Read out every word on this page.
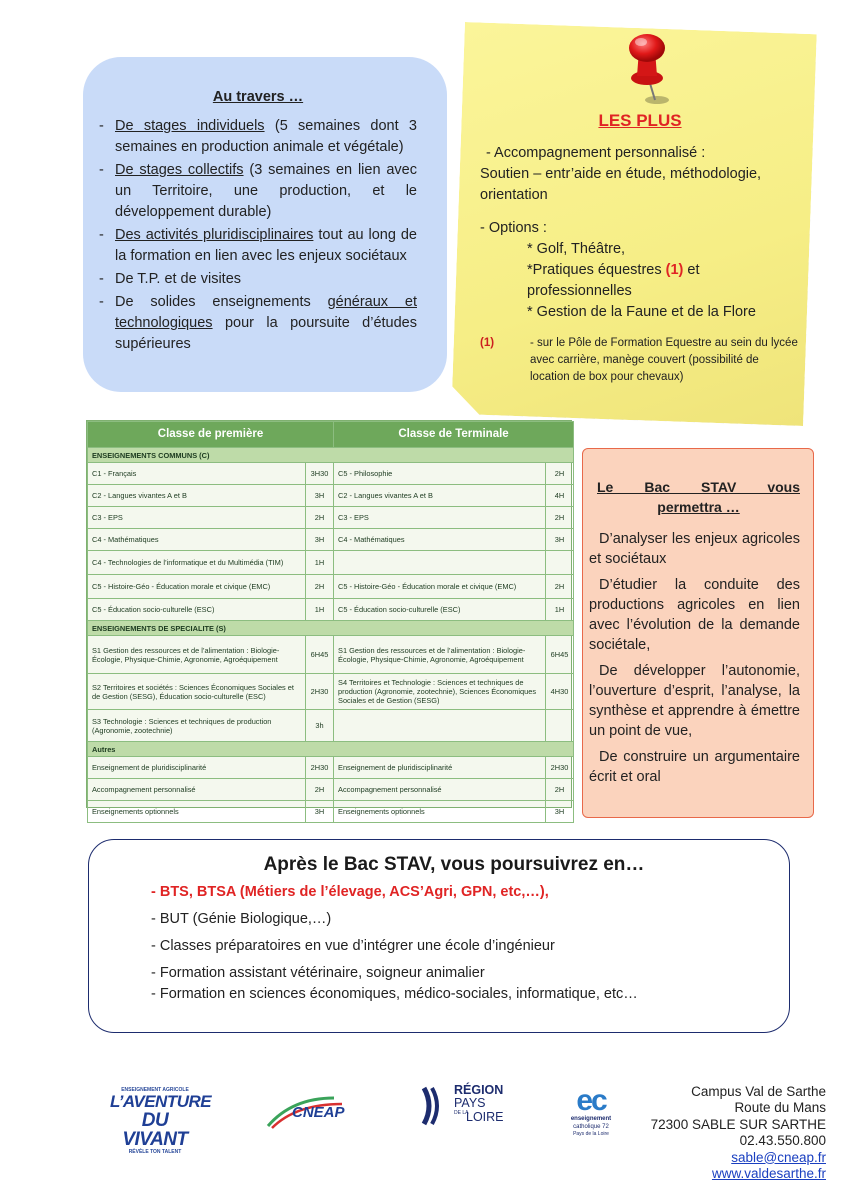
Au travers …
- De stages individuels (5 semaines dont 3 semaines en production animale et végétale)
- De stages collectifs (3 semaines en lien avec un Territoire, une production, et le développement durable)
- Des activités pluridisciplinaires tout au long de la formation en lien avec les enjeux sociétaux
- De T.P. et de visites
- De solides enseignements généraux et technologiques pour la poursuite d’études supérieures
LES PLUS
- Accompagnement personnalisé :
Soutien – entr’aide en étude, méthodologie, orientation
- Options :
* Golf, Théâtre,
*Pratiques équestres (1) et professionnelles
* Gestion de la Faune et de la Flore
(1)	- sur le Pôle de Formation Equestre au sein du lycée avec carrière, manège couvert (possibilité de location de box pour chevaux)
Classe de première		Classe de Terminale	
ENSEIGNEMENTS COMMUNS (C)			
C1 - Français	3H30	C5 - Philosophie	2H
C2 - Langues vivantes A et B	3H	C2 - Langues vivantes A et B	4H
C3 - EPS	2H	C3 - EPS	2H
C4 - Mathématiques	3H	C4 - Mathématiques	3H
C4 - Technologies de l’informatique et du Multimédia (TIM)	1H		
C5 - Histoire-Géo - Éducation morale et civique (EMC)	2H	C5 - Histoire-Géo - Éducation morale et civique (EMC)	2H
C5 - Éducation socio-culturelle (ESC)	1H	C5 - Éducation socio-culturelle (ESC)	1H
ENSEIGNEMENTS DE SPECIALITE (S)			
S1 Gestion des ressources et de l’alimentation : Biologie- Écologie, Physique-Chimie, Agronomie, Agroéquipement	6H45	S1 Gestion des ressources et de l’alimentation : Biologie- Écologie, Physique-Chimie, Agronomie, Agroéquipement	6H45
S2 Territoires et sociétés : Sciences Économiques Sociales et de Gestion (SESG), Éducation socio-culturelle (ESC)	2H30	S4 Territoires et Technologie : Sciences et techniques de production (Agronomie, zootechnie), Sciences Économiques Sociales et de Gestion (SESG)	4H30
S3 Technologie : Sciences et techniques de production (Agronomie, zootechnie)	3h		
Autres			
Enseignement de pluridisciplinarité	2H30	Enseignement de pluridisciplinarité	2H30
Accompagnement personnalisé	2H	Accompagnement personnalisé	2H
Enseignements optionnels	3H	Enseignements optionnels	3H
Le Bac STAV vous
permettra …

D’analyser les enjeux agricoles et sociétaux

D’étudier la conduite des productions agricoles en lien avec l’évolution de la demande sociétale,

De développer l’autonomie, l’ouverture d’esprit, l’analyse, la synthèse et apprendre à émettre un point de vue,

De construire un argumentaire écrit et oral

Après le Bac STAV, vous poursuivrez en…
- BTS, BTSA (Métiers de l’élevage, ACS’Agri, GPN, etc,…),
- BUT (Génie Biologique,…)
- Classes préparatoires en vue d’intégrer une école d’ingénieur
- Formation assistant vétérinaire, soigneur animalier
- Formation en sciences économiques, médico-sociales, informatique, etc…
ENSEIGNEMENT AGRICOLE
L’AVENTURE
DU VIVANT
RÉVÈLE TON TALENT
CNEAP
RÉGION
PAYS
DE LA
LOIRE	ec
enseignement
catholique 72
Pays de la Loire
Campus Val de Sarthe
Route du Mans
72300 SABLE SUR SARTHE
02.43.550.800
sable@cneap.fr
www.valdesarthe.fr
